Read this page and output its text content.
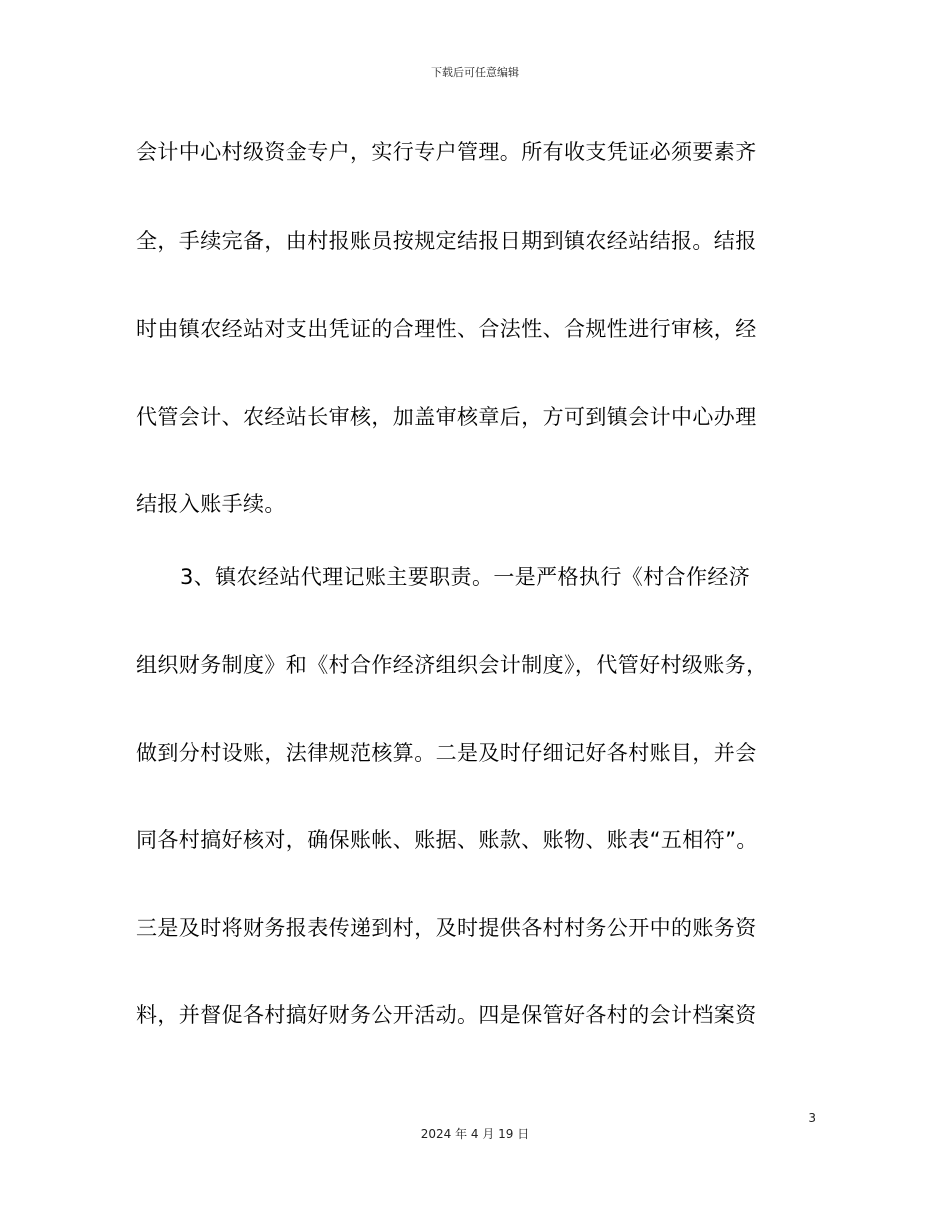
下载后可任意编辑
会计中心村级资金专户，实行专户管理。所有收支凭证必须要素齐
全，手续完备，由村报账员按规定结报日期到镇农经站结报。结报
时由镇农经站对支出凭证的合理性、合法性、合规性进行审核，经
代管会计、农经站长审核，加盖审核章后，方可到镇会计中心办理
结报入账手续。
3、镇农经站代理记账主要职责。一是严格执行《村合作经济
组织财务制度》和《村合作经济组织会计制度》，代管好村级账务，
做到分村设账，法律规范核算。二是及时仔细记好各村账目，并会
同各村搞好核对，确保账帐、账据、账款、账物、账表“五相符”。
三是及时将财务报表传递到村，及时提供各村村务公开中的账务资
料，并督促各村搞好财务公开活动。四是保管好各村的会计档案资
3
2024 年 4 月 19 日
